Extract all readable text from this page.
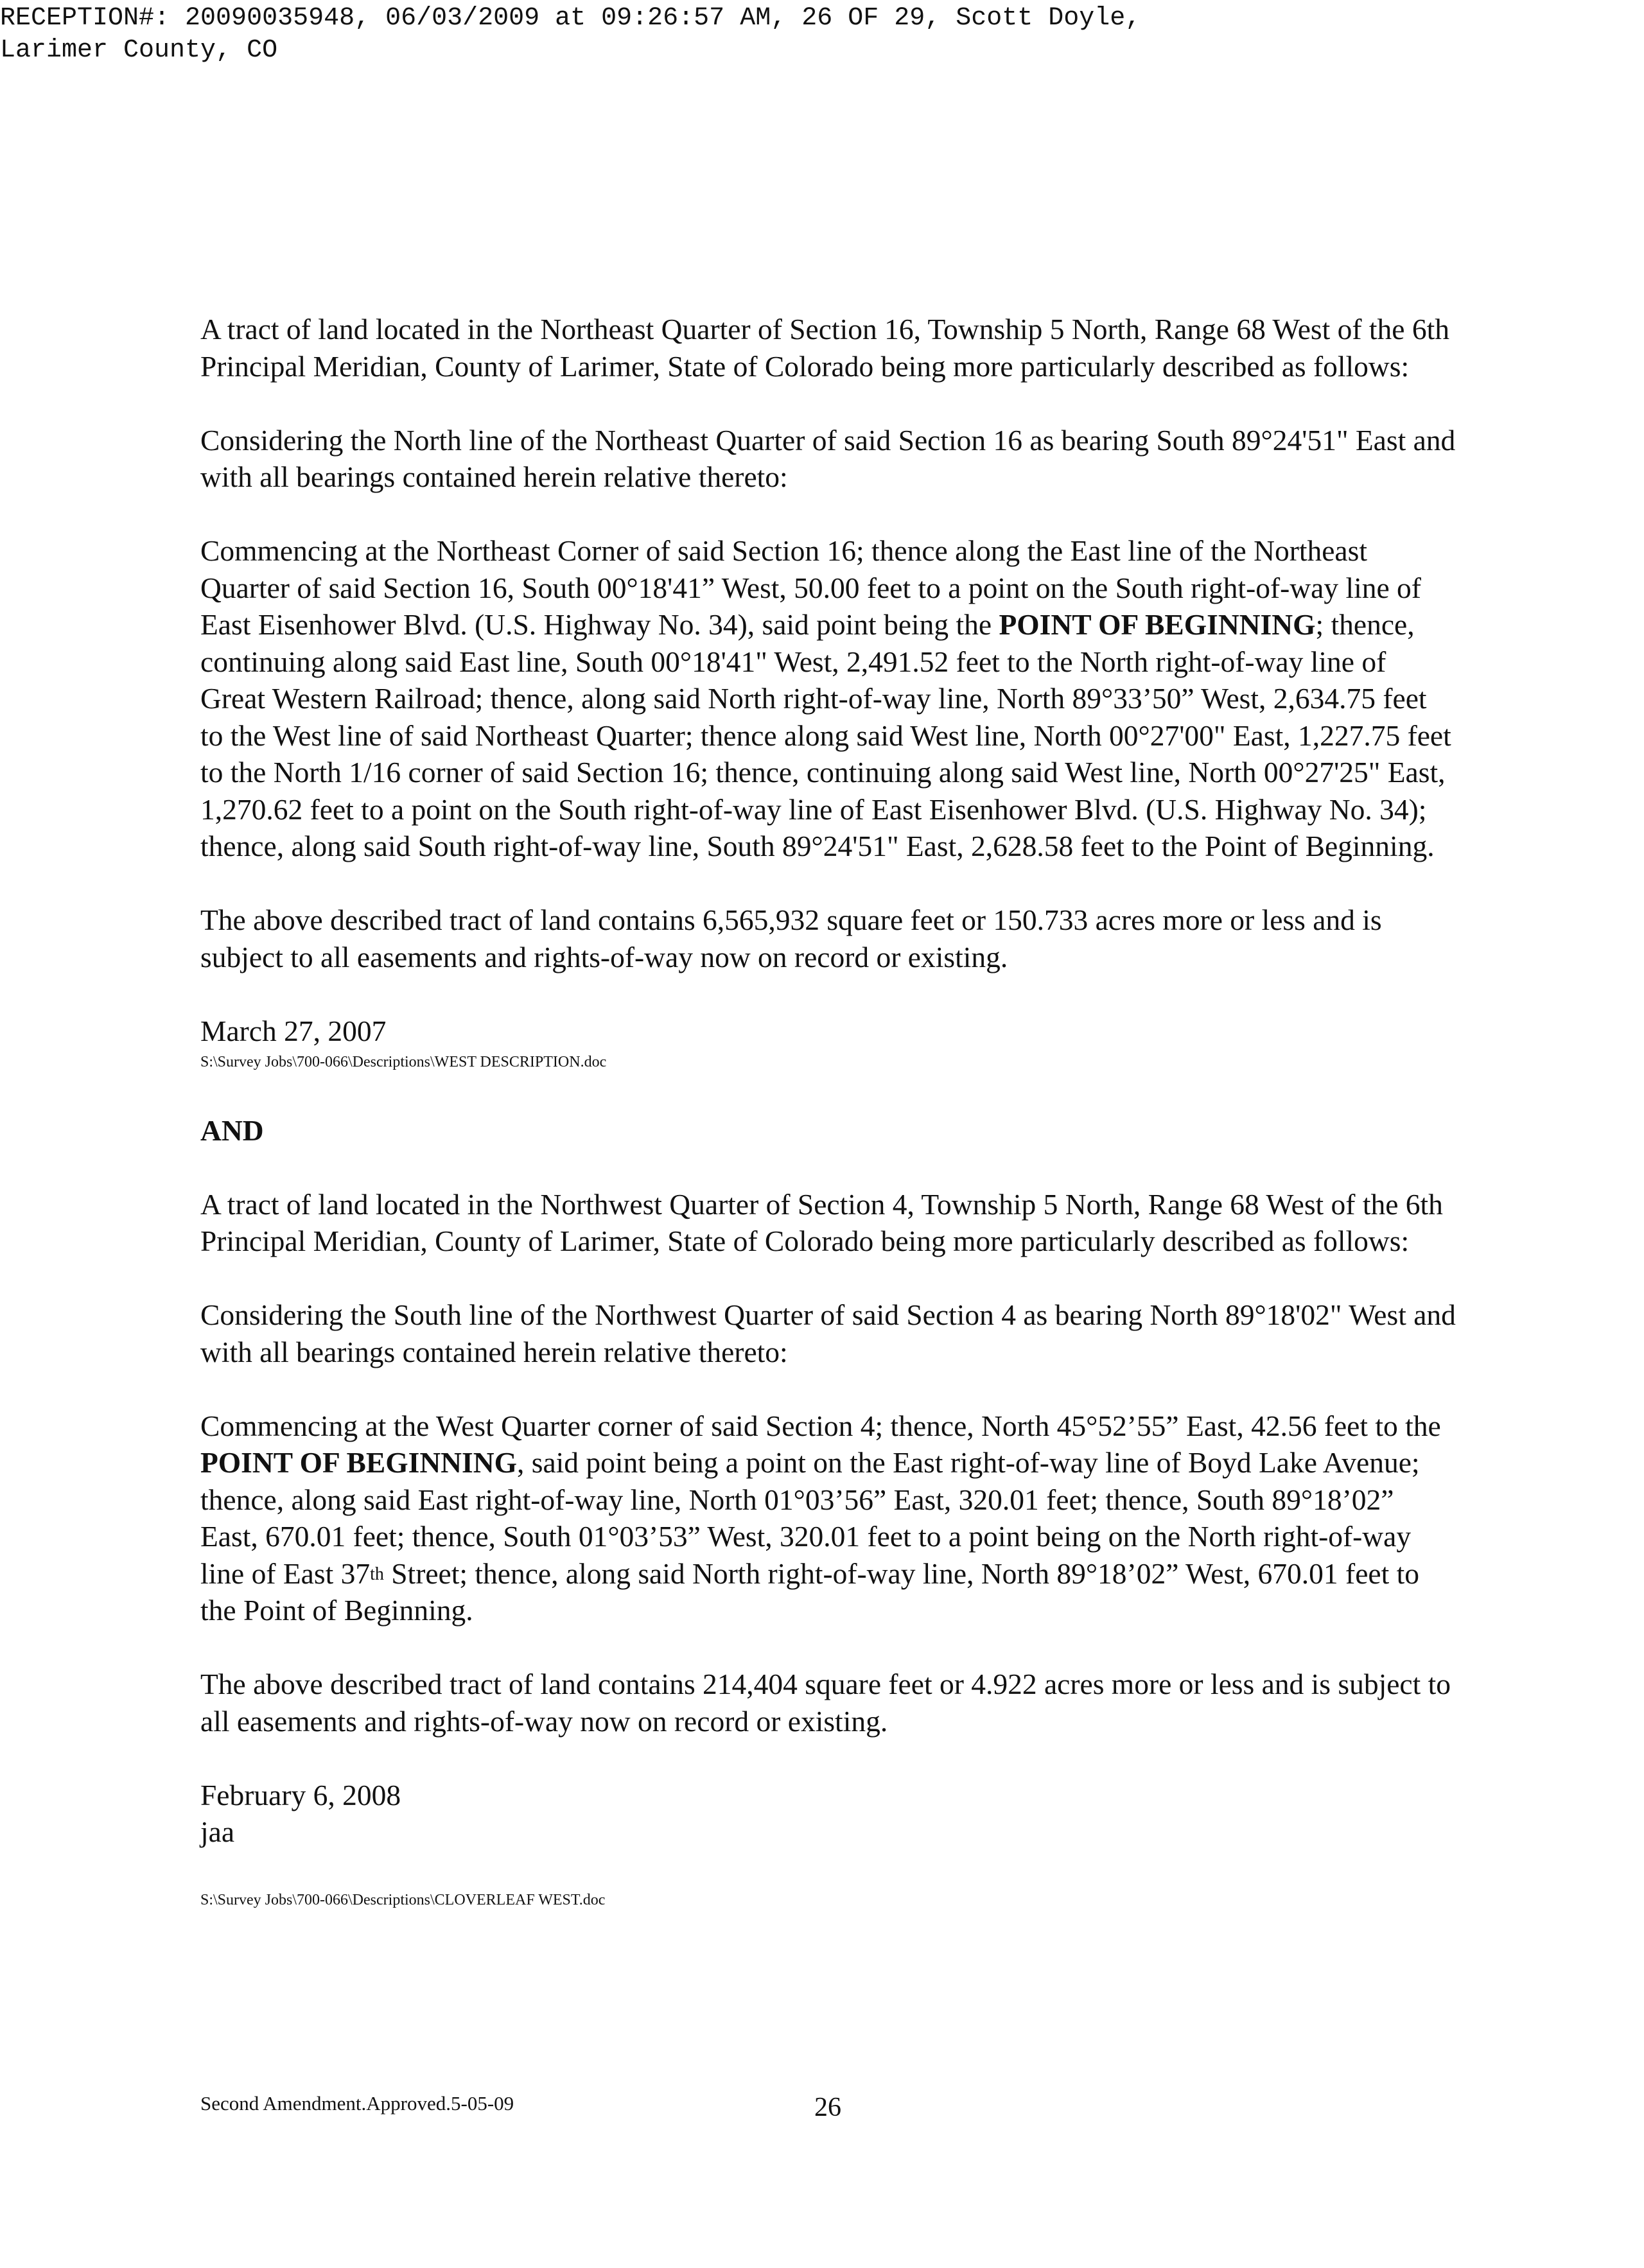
RECEPTION#: 20090035948, 06/03/2009 at 09:26:57 AM, 26 OF 29, Scott Doyle,
Larimer County, CO

A tract of land located in the Northeast Quarter of Section 16, Township 5 North, Range 68 West of the 6th Principal Meridian, County of Larimer, State of Colorado being more particularly described as follows:

Considering the North line of the Northeast Quarter of said Section 16 as bearing South 89°24'51" East and with all bearings contained herein relative thereto:

Commencing at the Northeast Corner of said Section 16; thence along the East line of the Northeast Quarter of said Section 16, South 00°18'41” West, 50.00 feet to a point on the South right-of-way line of East Eisenhower Blvd. (U.S. Highway No. 34), said point being the POINT OF BEGINNING; thence, continuing along said East line, South 00°18'41" West, 2,491.52 feet to the North right-of-way line of Great Western Railroad; thence, along said North right-of-way line, North 89°33’50” West, 2,634.75 feet to the West line of said Northeast Quarter; thence along said West line, North 00°27'00" East, 1,227.75 feet to the North 1/16 corner of said Section 16; thence, continuing along said West line, North 00°27'25" East, 1,270.62 feet to a point on the South right-of-way line of East Eisenhower Blvd. (U.S. Highway No. 34); thence, along said South right-of-way line, South 89°24'51" East, 2,628.58 feet to the Point of Beginning.

The above described tract of land contains 6,565,932 square feet or 150.733 acres more or less and is subject to all easements and rights-of-way now on record or existing.

March 27, 2007

S:\Survey Jobs\700-066\Descriptions\WEST DESCRIPTION.doc
AND

A tract of land located in the Northwest Quarter of Section 4, Township 5 North, Range 68 West of the 6th Principal Meridian, County of Larimer, State of Colorado being more particularly described as follows:

Considering the South line of the Northwest Quarter of said Section 4 as bearing North 89°18'02" West and with all bearings contained herein relative thereto:

Commencing at the West Quarter corner of said Section 4; thence, North 45°52’55” East, 42.56 feet to the POINT OF BEGINNING, said point being a point on the East right-of-way line of Boyd Lake Avenue; thence, along said East right-of-way line, North 01°03’56” East, 320.01 feet; thence, South 89°18’02” East, 670.01 feet; thence, South 01°03’53” West, 320.01 feet to a point being on the North right-of-way line of East 37th Street; thence, along said North right-of-way line, North 89°18’02” West, 670.01 feet to the Point of Beginning.

The above described tract of land contains 214,404 square feet or 4.922 acres more or less and is subject to all easements and rights-of-way now on record or existing.

February 6, 2008

jaa

S:\Survey Jobs\700-066\Descriptions\CLOVERLEAF WEST.doc
Second Amendment.Approved.5-05-09	26
